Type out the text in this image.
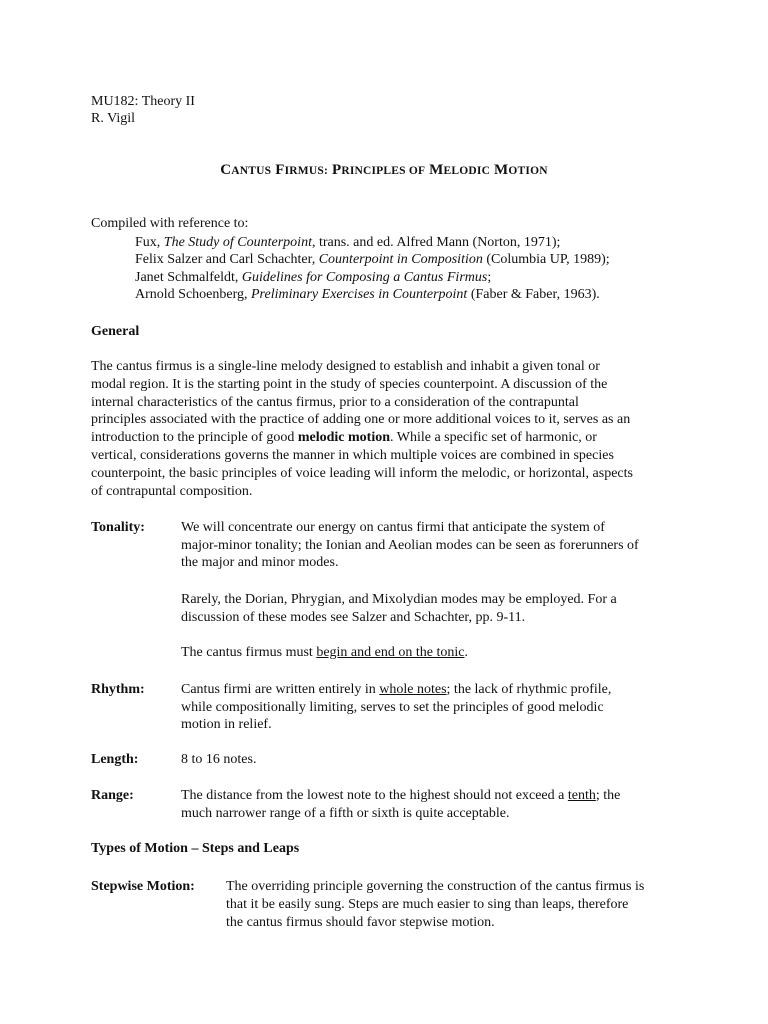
MU182: Theory II
R. Vigil
CANTUS FIRMUS: PRINCIPLES OF MELODIC MOTION
Compiled with reference to:
Fux, The Study of Counterpoint, trans. and ed. Alfred Mann (Norton, 1971);
Felix Salzer and Carl Schachter, Counterpoint in Composition (Columbia UP, 1989);
Janet Schmalfeldt, Guidelines for Composing a Cantus Firmus;
Arnold Schoenberg, Preliminary Exercises in Counterpoint (Faber & Faber, 1963).
General
The cantus firmus is a single-line melody designed to establish and inhabit a given tonal or
modal region. It is the starting point in the study of species counterpoint. A discussion of the
internal characteristics of the cantus firmus, prior to a consideration of the contrapuntal
principles associated with the practice of adding one or more additional voices to it, serves as an
introduction to the principle of good melodic motion. While a specific set of harmonic, or
vertical, considerations governs the manner in which multiple voices are combined in species
counterpoint, the basic principles of voice leading will inform the melodic, or horizontal, aspects
of contrapuntal composition.
Tonality:	We will concentrate our energy on cantus firmi that anticipate the system of
major-minor tonality; the Ionian and Aeolian modes can be seen as forerunners of
the major and minor modes.
Rarely, the Dorian, Phrygian, and Mixolydian modes may be employed. For a
discussion of these modes see Salzer and Schachter, pp. 9-11.
The cantus firmus must begin and end on the tonic.
Rhythm:	Cantus firmi are written entirely in whole notes; the lack of rhythmic profile,
while compositionally limiting, serves to set the principles of good melodic
motion in relief.
Length:	8 to 16 notes.
Range:	The distance from the lowest note to the highest should not exceed a tenth; the
much narrower range of a fifth or sixth is quite acceptable.
Types of Motion – Steps and Leaps
Stepwise Motion: The overriding principle governing the construction of the cantus firmus is
that it be easily sung. Steps are much easier to sing than leaps, therefore
the cantus firmus should favor stepwise motion.
